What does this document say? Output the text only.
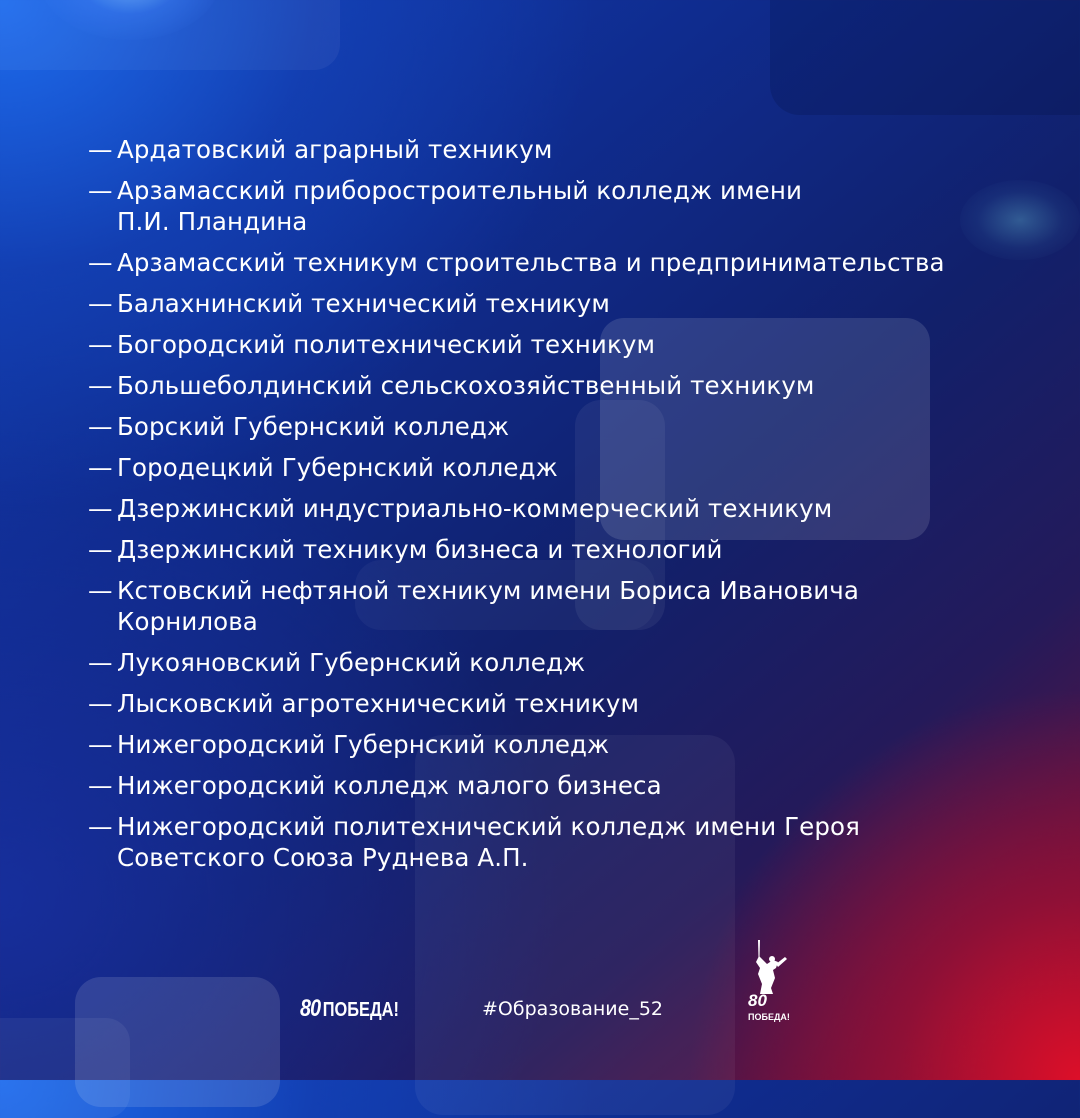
— Ардатовский аграрный техникум
— Арзамасский приборостроительный колледж имени
П.И. Пландина
— Арзамасский техникум строительства и предпринимательства
— Балахнинский технический техникум
— Богородский политехнический техникум
— Большеболдинский сельскохозяйственный техникум
— Борский Губернский колледж
— Городецкий Губернский колледж
— Дзержинский индустриально-коммерческий техникум
— Дзержинский техникум бизнеса и технологий
— Кстовский нефтяной техникум имени Бориса Ивановича
Корнилова
— Лукояновский Губернский колледж
— Лысковский агротехнический техникум
— Нижегородский Губернский колледж
— Нижегородский колледж малого бизнеса
— Нижегородский политехнический колледж имени Героя
Советского Союза Руднева А.П.
80 ПОБЕДА!	#Образование_52	80
ПОБЕДА!
